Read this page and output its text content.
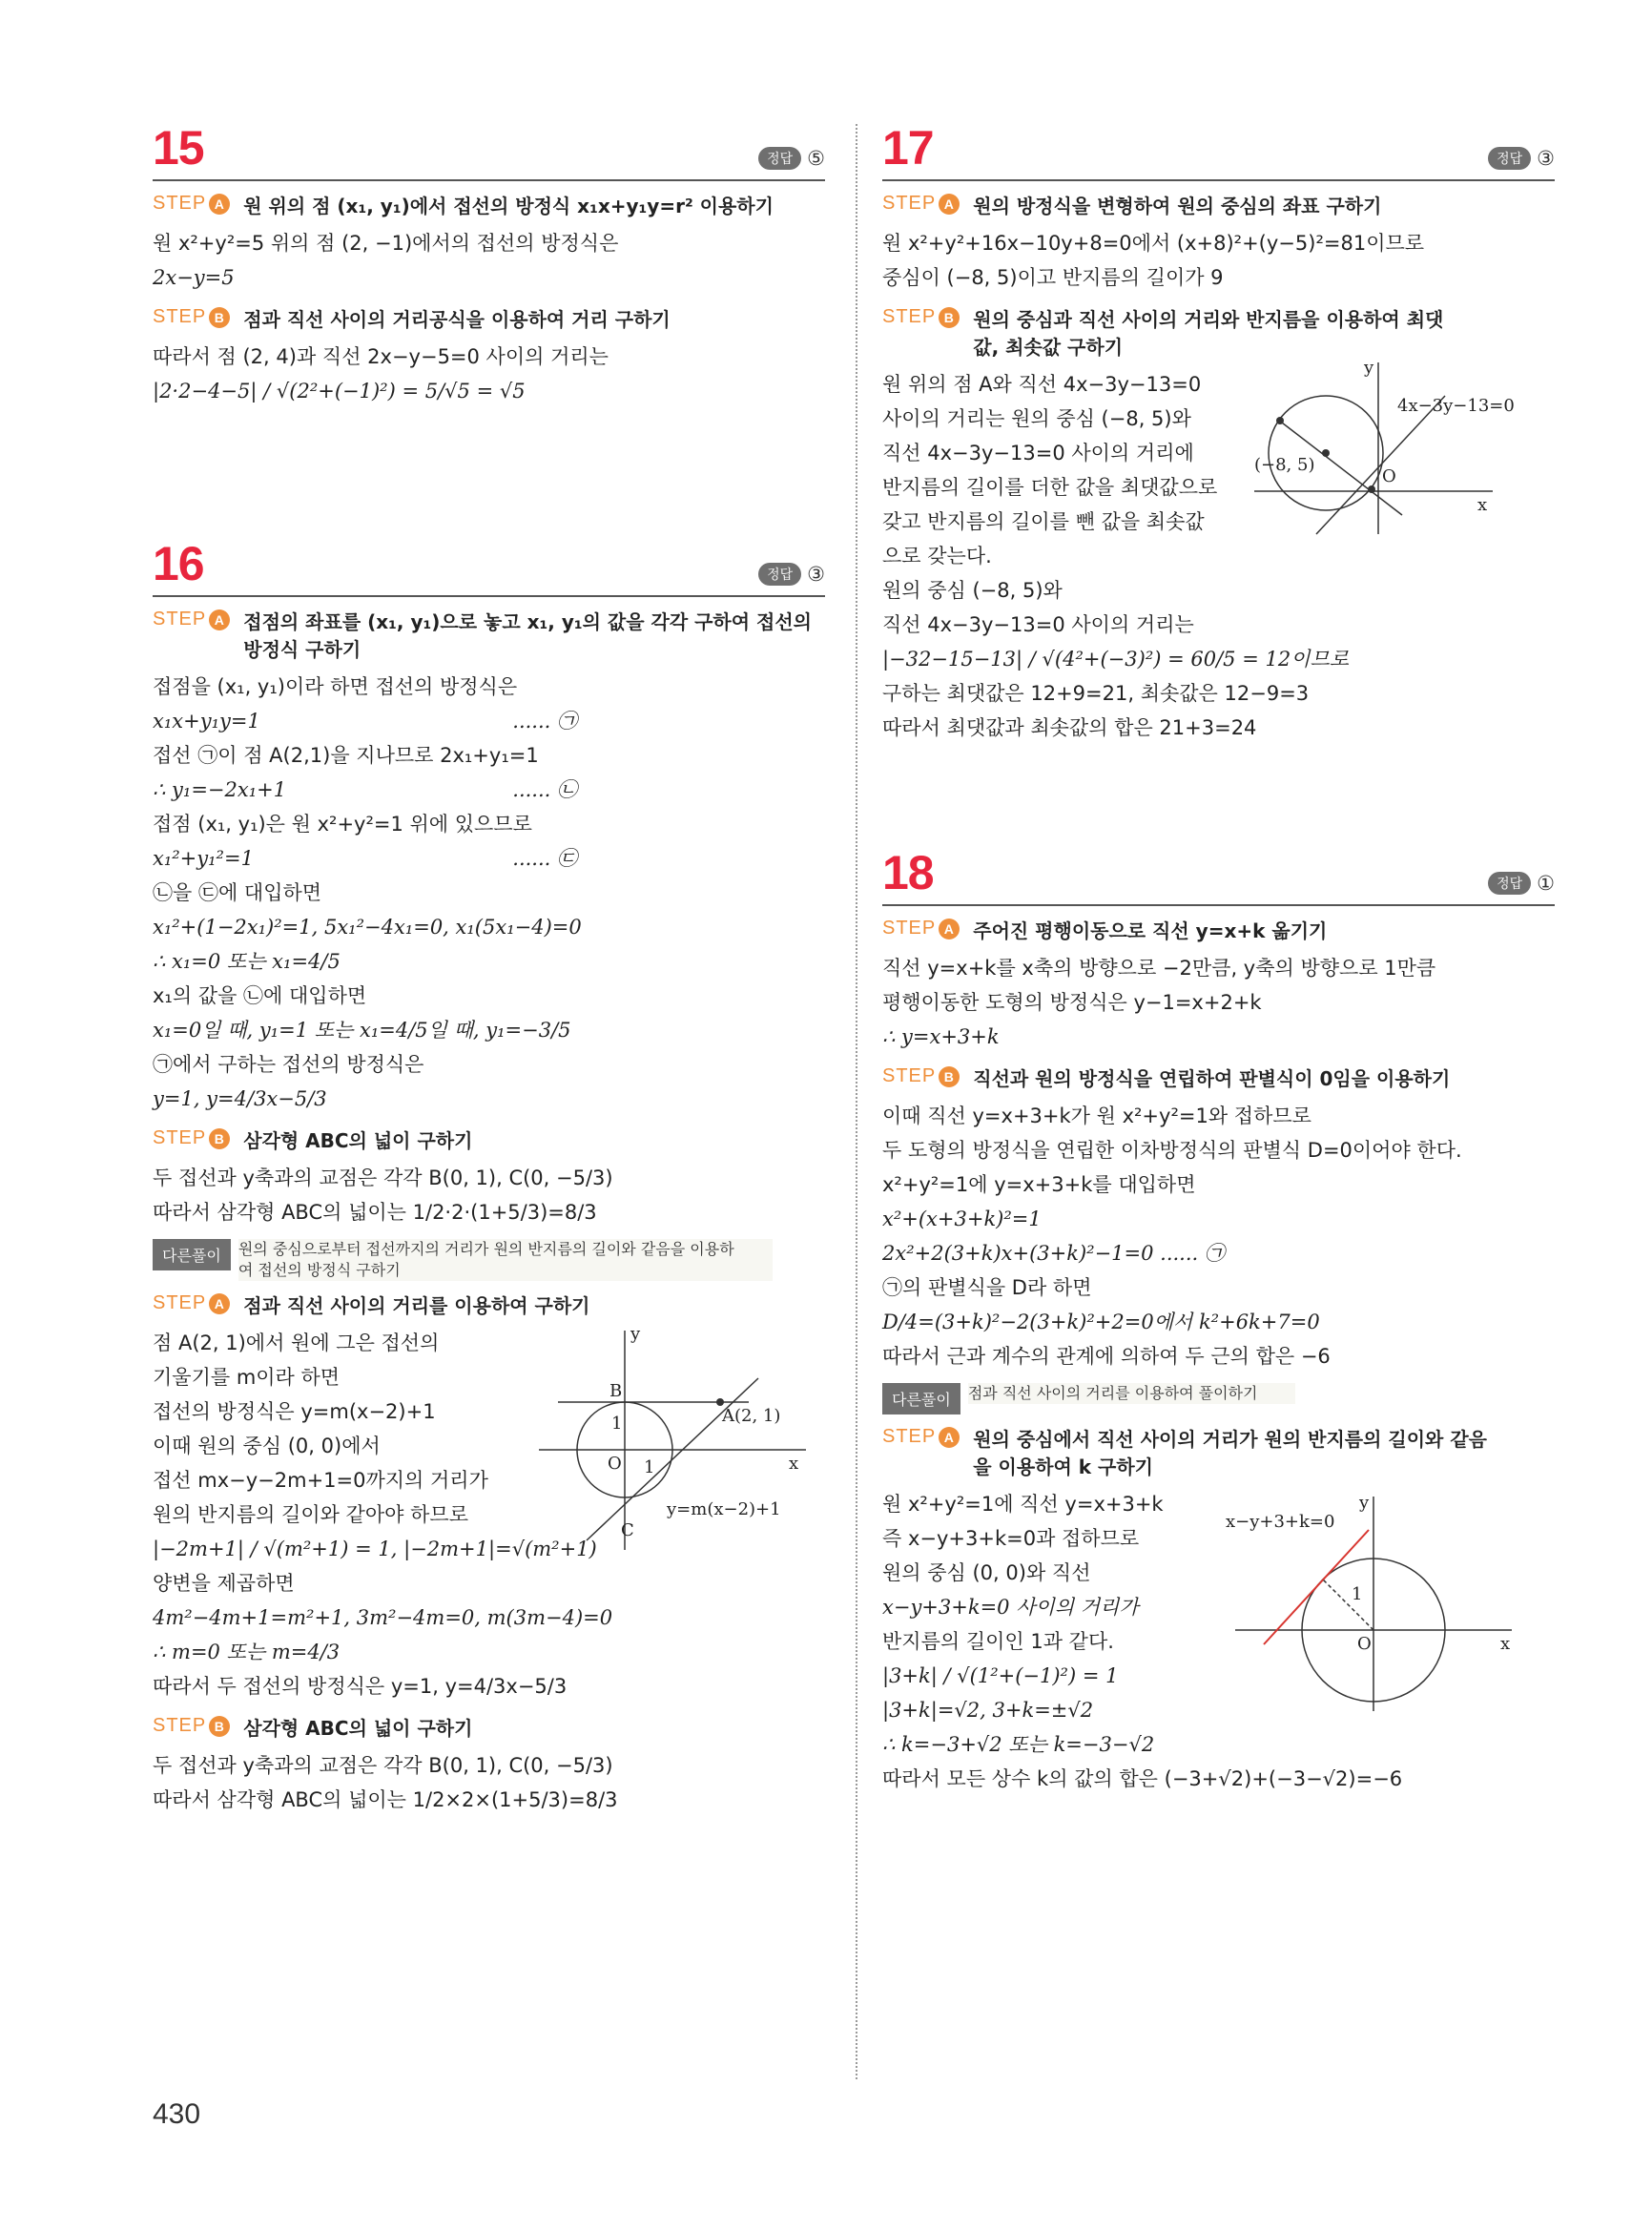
15	정답 ⑤
STEP A 원 위의 점 (x₁, y₁)에서 접선의 방정식 x₁x+y₁y=r² 이용하기
원 x²+y²=5 위의 점 (2, −1)에서의 접선의 방정식은
2x−y=5
STEP B 점과 직선 사이의 거리공식을 이용하여 거리 구하기
따라서 점 (2, 4)과 직선 2x−y−5=0 사이의 거리는
|2·2−4−5| / √(2²+(−1)²) = 5/√5 = √5
16	정답 ③
STEP A 접점의 좌표를 (x₁, y₁)으로 놓고 x₁, y₁의 값을 각각 구하여 접선의 방정식 구하기
접점을 (x₁, y₁)이라 하면 접선의 방정식은
x₁x+y₁y=1	...... ㉠
접선 ㉠이 점 A(2,1)을 지나므로 2x₁+y₁=1
∴ y₁=−2x₁+1	...... ㉡
접점 (x₁, y₁)은 원 x²+y²=1 위에 있으므로
x₁²+y₁²=1	...... ㉢
㉡을 ㉢에 대입하면
x₁²+(1−2x₁)²=1, 5x₁²−4x₁=0, x₁(5x₁−4)=0
∴ x₁=0 또는 x₁=4/5
x₁의 값을 ㉡에 대입하면
x₁=0일 때, y₁=1 또는 x₁=4/5일 때, y₁=−3/5
㉠에서 구하는 접선의 방정식은
y=1, y=4/3x−5/3
STEP B 삼각형 ABC의 넓이 구하기
두 접선과 y축과의 교점은 각각 B(0, 1), C(0, −5/3)
따라서 삼각형 ABC의 넓이는 1/2·2·(1+5/3)=8/3
다른풀이	원의 중심으로부터 접선까지의 거리가 원의 반지름의 길이와 같음을 이용하여 접선의 방정식 구하기
STEP A 점과 직선 사이의 거리를 이용하여 구하기
점 A(2, 1)에서 원에 그은 접선의
기울기를 m이라 하면
접선의 방정식은 y=m(x−2)+1
이때 원의 중심 (0, 0)에서
접선 mx−y−2m+1=0까지의 거리가
원의 반지름의 길이와 같아야 하므로
|−2m+1| / √(m²+1) = 1, |−2m+1|=√(m²+1)
양변을 제곱하면
4m²−4m+1=m²+1, 3m²−4m=0, m(3m−4)=0
∴ m=0 또는 m=4/3
따라서 두 접선의 방정식은 y=1, y=4/3x−5/3
y
x
O
B
C
A(2, 1)
1
1
y=m(x−2)+1
STEP B 삼각형 ABC의 넓이 구하기
두 접선과 y축과의 교점은 각각 B(0, 1), C(0, −5/3)
따라서 삼각형 ABC의 넓이는 1/2×2×(1+5/3)=8/3
430
17	정답 ③
STEP A 원의 방정식을 변형하여 원의 중심의 좌표 구하기
원 x²+y²+16x−10y+8=0에서 (x+8)²+(y−5)²=81이므로
중심이 (−8, 5)이고 반지름의 길이가 9
STEP B 원의 중심과 직선 사이의 거리와 반지름을 이용하여 최댓값, 최솟값 구하기
원 위의 점 A와 직선 4x−3y−13=0
사이의 거리는 원의 중심 (−8, 5)와
직선 4x−3y−13=0 사이의 거리에
반지름의 길이를 더한 값을 최댓값으로
갖고 반지름의 길이를 뺀 값을 최솟값
으로 갖는다.
원의 중심 (−8, 5)와
직선 4x−3y−13=0 사이의 거리는
|−32−15−13| / √(4²+(−3)²) = 60/5 = 12이므로
구하는 최댓값은 12+9=21, 최솟값은 12−9=3
따라서 최댓값과 최솟값의 합은 21+3=24
y
x
O
(−8, 5)
4x−3y−13=0
18	정답 ①
STEP A 주어진 평행이동으로 직선 y=x+k 옮기기
직선 y=x+k를 x축의 방향으로 −2만큼, y축의 방향으로 1만큼
평행이동한 도형의 방정식은 y−1=x+2+k
∴ y=x+3+k
STEP B 직선과 원의 방정식을 연립하여 판별식이 0임을 이용하기
이때 직선 y=x+3+k가 원 x²+y²=1와 접하므로
두 도형의 방정식을 연립한 이차방정식의 판별식 D=0이어야 한다.
x²+y²=1에 y=x+3+k를 대입하면
x²+(x+3+k)²=1
2x²+2(3+k)x+(3+k)²−1=0 ...... ㉠
㉠의 판별식을 D라 하면
D/4=(3+k)²−2(3+k)²+2=0에서 k²+6k+7=0
따라서 근과 계수의 관계에 의하여 두 근의 합은 −6
다른풀이	점과 직선 사이의 거리를 이용하여 풀이하기
STEP A 원의 중심에서 직선 사이의 거리가 원의 반지름의 길이와 같음을 이용하여 k 구하기
원 x²+y²=1에 직선 y=x+3+k
즉 x−y+3+k=0과 접하므로
원의 중심 (0, 0)와 직선
x−y+3+k=0 사이의 거리가
반지름의 길이인 1과 같다.
|3+k| / √(1²+(−1)²) = 1
|3+k|=√2, 3+k=±√2
∴ k=−3+√2 또는 k=−3−√2
따라서 모든 상수 k의 값의 합은 (−3+√2)+(−3−√2)=−6
y
x
O
1
x−y+3+k=0
